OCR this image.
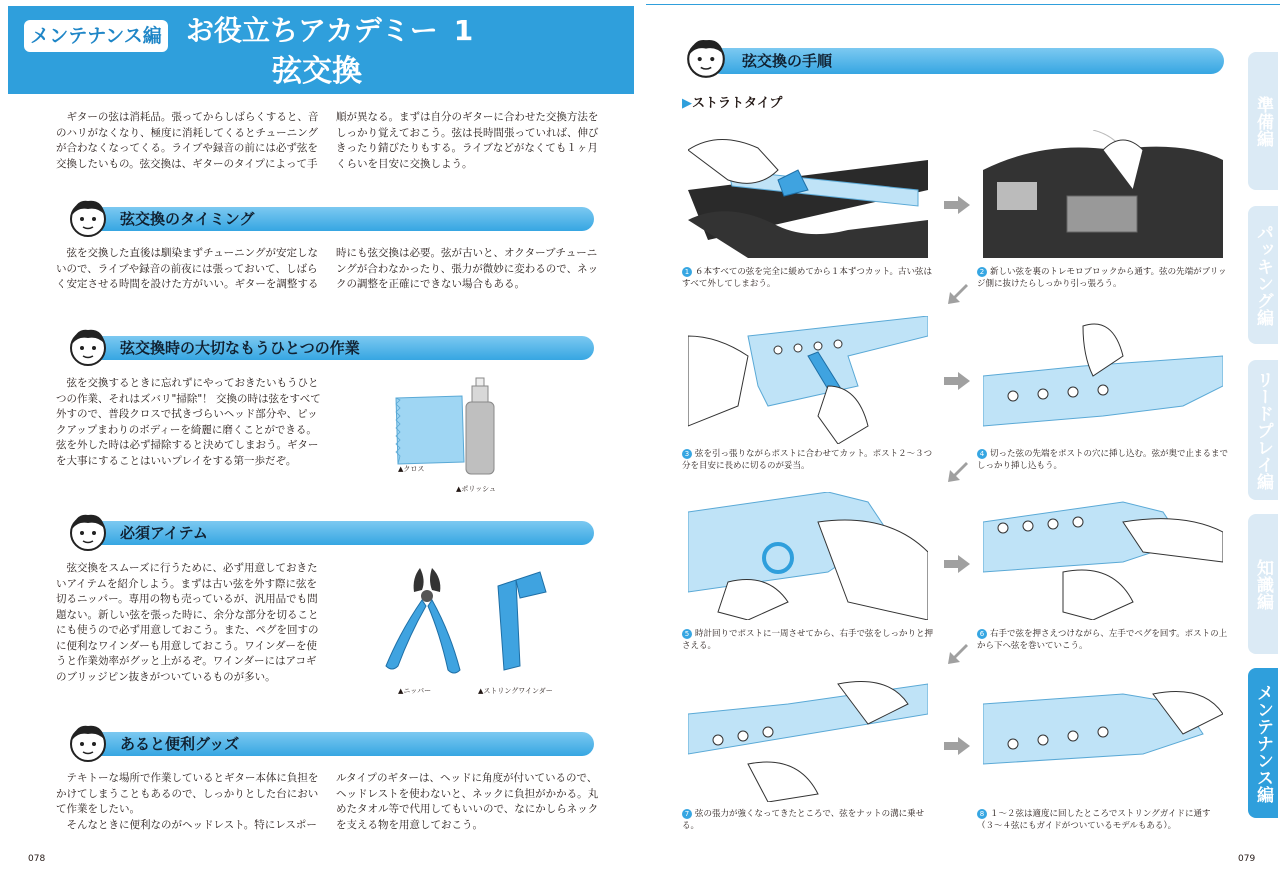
メンテナンス編 お役立ちアカデミー 1
弦交換
ギターの弦は消耗品。張ってからしばらくすると、音のハリがなくなり、極度に消耗してくるとチューニングが合わなくなってくる。ライブや録音の前には必ず弦を交換したいもの。弦交換は、ギターのタイプによって手
順が異なる。まずは自分のギターに合わせた交換方法をしっかり覚えておこう。弦は長時間張っていれば、伸びきったり錆びたりもする。ライブなどがなくても１ヶ月くらいを目安に交換しよう。
弦交換のタイミング
弦を交換した直後は馴染まずチューニングが安定しないので、ライブや録音の前夜には張っておいて、しばらく安定させる時間を設けた方がいい。ギターを調整する
時にも弦交換は必要。弦が古いと、オクターブチューニングが合わなかったり、張力が微妙に変わるので、ネックの調整を正確にできない場合もある。
弦交換時の大切なもうひとつの作業
弦を交換するときに忘れずにやっておきたいもうひとつの作業、それはズバリ"掃除"！ 交換の時は弦をすべて外すので、普段クロスで拭きづらいヘッド部分や、ピックアップまわりのボディーを綺麗に磨くことができる。弦を外した時は必ず掃除すると決めてしまおう。ギターを大事にすることはいいプレイをする第一歩だぞ。
▲クロス
▲ポリッシュ
必須アイテム
弦交換をスムーズに行うために、必ず用意しておきたいアイテムを紹介しよう。まずは古い弦を外す際に弦を切るニッパー。専用の物も売っているが、汎用品でも問題ない。新しい弦を張った時に、余分な部分を切ることにも使うので必ず用意しておこう。また、ペグを回すのに便利なワインダーも用意しておこう。ワインダーを使うと作業効率がグッと上がるぞ。ワインダーにはアコギのブリッジピン抜きがついているものが多い。
▲ニッパー	▲ストリングワインダー
あると便利グッズ
テキトーな場所で作業しているとギター本体に負担をかけてしまうこともあるので、しっかりとした台において作業をしたい。
　そんなときに便利なのがヘッドレスト。特にレスポー
ルタイプのギターは、ヘッドに角度が付いているので、ヘッドレストを使わないと、ネックに負担がかかる。丸めたタオル等で代用してもいいので、なにかしらネックを支える物を用意しておこう。
078
弦交換の手順
▶ストラトタイプ
1 ６本すべての弦を完全に緩めてから１本ずつカット。古い弦はすべて外してしまおう。
2 新しい弦を裏のトレモロブロックから通す。弦の先端がブリッジ側に抜けたらしっかり引っ張ろう。
3 弦を引っ張りながらポストに合わせてカット。ポスト２〜３つ分を目安に長めに切るのが妥当。
4 切った弦の先端をポストの穴に挿し込む。弦が奥で止まるまでしっかり挿し込もう。
5 時計回りでポストに一周させてから、右手で弦をしっかりと押さえる。
6 右手で弦を押さえつけながら、左手でペグを回す。ポストの上から下へ弦を巻いていこう。
7 弦の張力が強くなってきたところで、弦をナットの溝に乗せる。
8 １〜２弦は適度に回したところでストリングガイドに通す（３〜４弦にもガイドがついているモデルもある）。
準備編
パッキング編
リードプレイ編
知識編
メンテナンス編
079
